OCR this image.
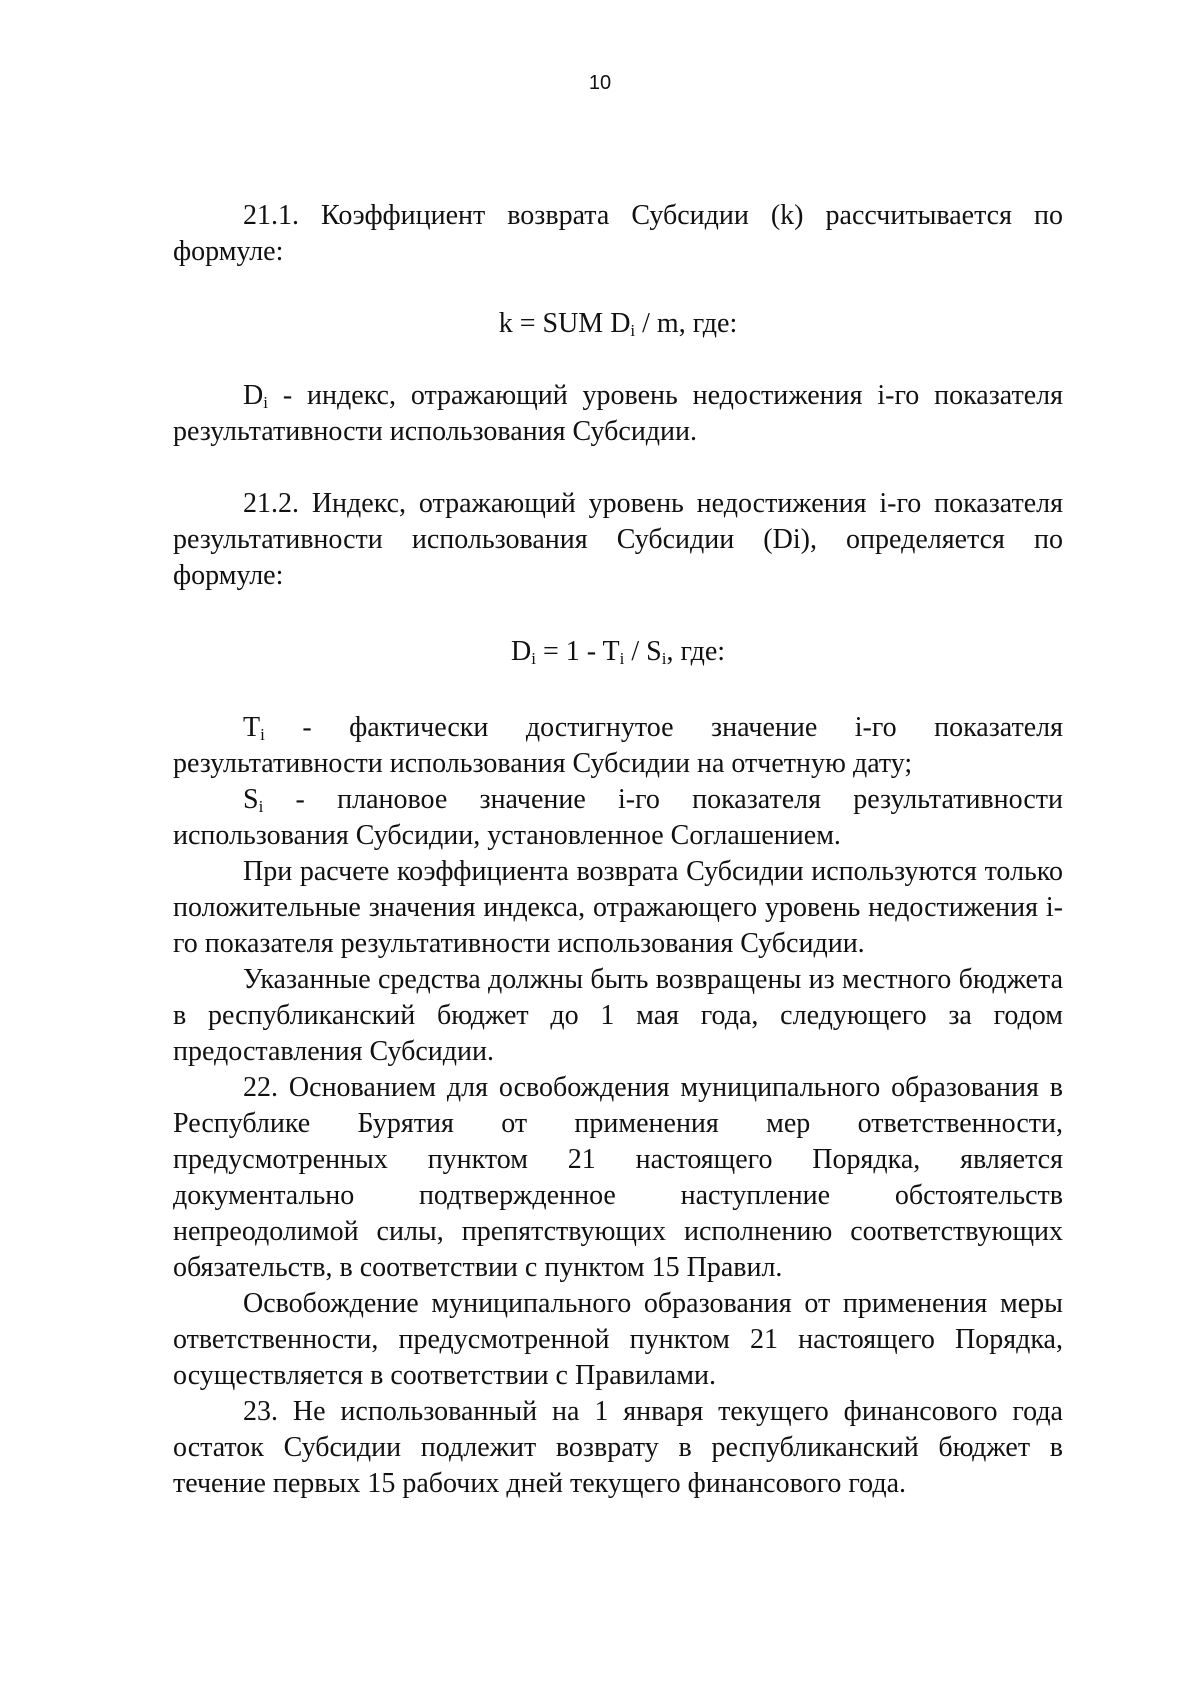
10

21.1. Коэффициент возврата Субсидии (k) рассчитывается по формуле:

k = SUM $D_i$ / m, где:

$D_i$ - индекс, отражающий уровень недостижения i-го показателя результативности использования Субсидии.

21.2. Индекс, отражающий уровень недостижения i-го показателя результативности использования Субсидии (Di), определяется по формуле:

$D_i = 1 - T_i / S_i$, где:

$T_i$ - фактически достигнутое значение i-го показателя результативности использования Субсидии на отчетную дату;

$S_i$ - плановое значение i-го показателя результативности использования Субсидии, установленное Соглашением.

При расчете коэффициента возврата Субсидии используются только положительные значения индекса, отражающего уровень недостижения i-го показателя результативности использования Субсидии.

Указанные средства должны быть возвращены из местного бюджета в республиканский бюджет до 1 мая года, следующего за годом предоставления Субсидии.

22. Основанием для освобождения муниципального образования в Республике Бурятия от применения мер ответственности, предусмотренных пунктом 21 настоящего Порядка, является документально подтвержденное наступление обстоятельств непреодолимой силы, препятствующих исполнению соответствующих обязательств, в соответствии с пунктом 15 Правил.

Освобождение муниципального образования от применения меры ответственности, предусмотренной пунктом 21 настоящего Порядка, осуществляется в соответствии с Правилами.

23. Не использованный на 1 января текущего финансового года остаток Субсидии подлежит возврату в республиканский бюджет в течение первых 15 рабочих дней текущего финансового года.
